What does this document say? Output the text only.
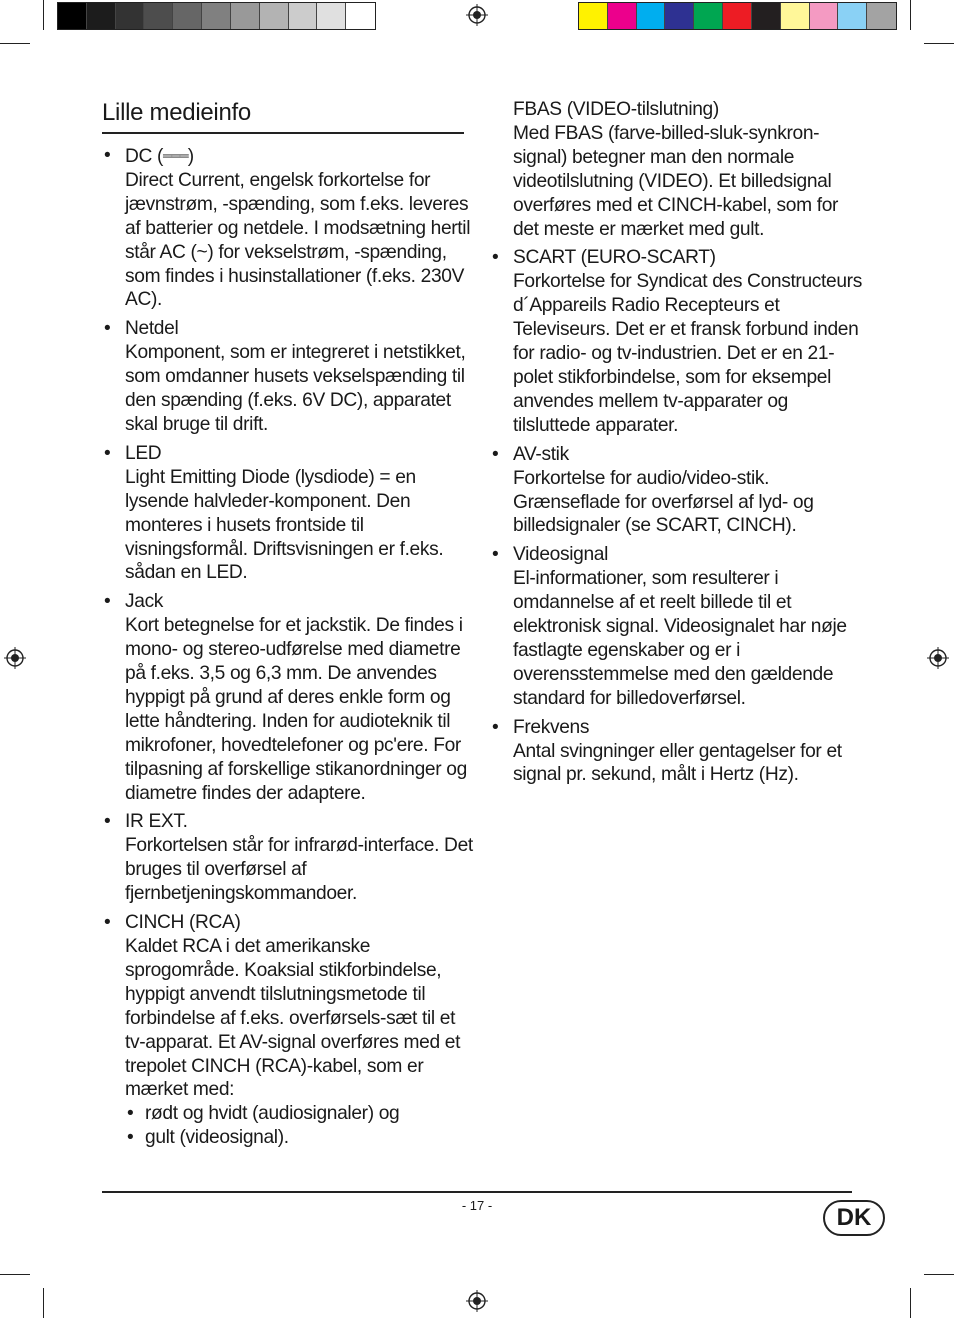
Lille medieinfo
• DC (═══)
Direct Current, engelsk forkortelse for jævnstrøm, -spænding, som f.eks. leveres af batterier og netdele. I modsætning hertil står AC (~) for vekselstrøm, -spænding, som findes i husinstallationer (f.eks. 230V AC).
• Netdel
Komponent, som er integreret i netstikket, som omdanner husets vekselspænding til den spænding (f.eks. 6V DC), apparatet skal bruge til drift.
• LED
Light Emitting Diode (lysdiode) = en lysende halvleder-komponent. Den monteres i husets frontside til visningsformål. Driftsvisningen er f.eks. sådan en LED.
• Jack
Kort betegnelse for et jackstik. De findes i mono- og stereo-udførelse med diametre på f.eks. 3,5 og 6,3 mm. De anvendes hyppigt på grund af deres enkle form og lette håndtering. Inden for audioteknik til mikrofoner, hovedtelefoner og pc'ere. For tilpasning af forskellige stikanordninger og diametre findes der adaptere.
• IR EXT.
Forkortelsen står for infrarød-interface. Det bruges til overførsel af fjernbetjeningskommandoer.
• CINCH (RCA)
Kaldet RCA i det amerikanske sprogområde. Koaksial stikforbindelse, hyppigt anvendt tilslutningsmetode til forbindelse af f.eks. overførsels-sæt til et tv-apparat. Et AV-signal overføres med et trepolet CINCH (RCA)-kabel, som er mærket med:
• rødt og hvidt (audiosignaler) og
• gult (videosignal).
FBAS (VIDEO-tilslutning)
Med FBAS (farve-billed-sluk-synkron-signal) betegner man den normale videotilslutning (VIDEO). Et billedsignal overføres med et CINCH-kabel, som for det meste er mærket med gult.
• SCART (EURO-SCART)
Forkortelse for Syndicat des Constructeurs d´Appareils Radio Recepteurs et Televiseurs. Det er et fransk forbund inden for radio- og tv-industrien. Det er en 21-polet stikforbindelse, som for eksempel anvendes mellem tv-apparater og tilsluttede apparater.
• AV-stik
Forkortelse for audio/video-stik. Grænseflade for overførsel af lyd- og billedsignaler (se SCART, CINCH).
• Videosignal
El-informationer, som resulterer i omdannelse af et reelt billede til et elektronisk signal. Videosignalet har nøje fastlagte egenskaber og er i overensstemmelse med den gældende standard for billedoverførsel.
• Frekvens
Antal svingninger eller gentagelser for et signal pr. sekund, målt i Hertz (Hz).
- 17 -	DK
